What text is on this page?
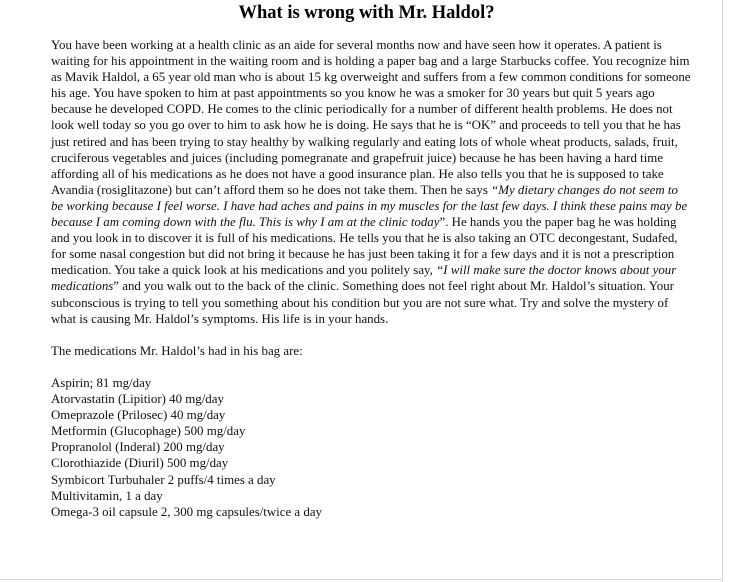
What is wrong with Mr. Haldol?

You have been working at a health clinic as an aide for several months now and have seen how it operates. A patient is waiting for his appointment in the waiting room and is holding a paper bag and a large Starbucks coffee. You recognize him as Mavik Haldol, a 65 year old man who is about 15 kg overweight and suffers from a few common conditions for someone his age. You have spoken to him at past appointments so you know he was a smoker for 30 years but quit 5 years ago because he developed COPD. He comes to the clinic periodically for a number of different health problems. He does not look well today so you go over to him to ask how he is doing. He says that he is “OK” and proceeds to tell you that he has just retired and has been trying to stay healthy by walking regularly and eating lots of whole wheat products, salads, fruit, cruciferous vegetables and juices (including pomegranate and grapefruit juice) because he has been having a hard time affording all of his medications as he does not have a good insurance plan. He also tells you that he is supposed to take Avandia (rosiglitazone) but can’t afford them so he does not take them. Then he says “My dietary changes do not seem to be working because I feel worse. I have had aches and pains in my muscles for the last few days. I think these pains may be because I am coming down with the flu. This is why I am at the clinic today”. He hands you the paper bag he was holding and you look in to discover it is full of his medications. He tells you that he is also taking an OTC decongestant, Sudafed, for some nasal congestion but did not bring it because he has just been taking it for a few days and it is not a prescription medication. You take a quick look at his medications and you politely say, “I will make sure the doctor knows about your medications” and you walk out to the back of the clinic. Something does not feel right about Mr. Haldol’s situation. Your subconscious is trying to tell you something about his condition but you are not sure what. Try and solve the mystery of what is causing Mr. Haldol’s symptoms. His life is in your hands.

The medications Mr. Haldol’s had in his bag are:

Aspirin; 81 mg/day
Atorvastatin (Lipitior) 40 mg/day
Omeprazole (Prilosec) 40 mg/day
Metformin (Glucophage) 500 mg/day
Propranolol (Inderal) 200 mg/day
Clorothiazide (Diuril) 500 mg/day
Symbicort Turbuhaler 2 puffs/4 times a day
Multivitamin, 1 a day
Omega-3 oil capsule 2, 300 mg capsules/twice a day
